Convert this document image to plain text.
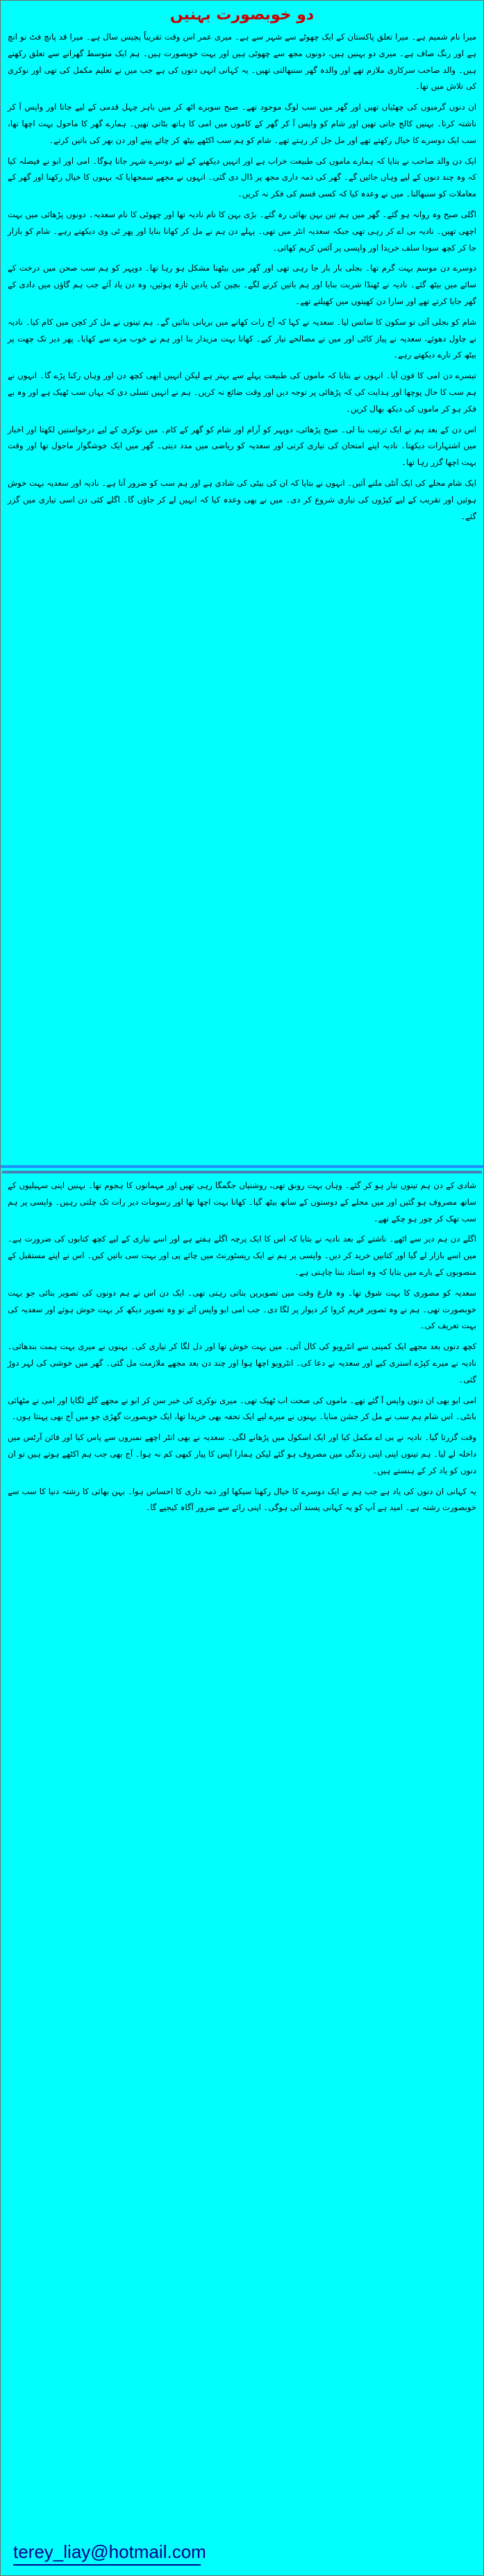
دو خوبصورت بہنیں

میرا نام شمیم ہے۔ میرا تعلق پاکستان کے ایک چھوٹے سے شہر سے ہے۔ میری عمر اس وقت تقریباً پچیس سال ہے۔ میرا قد پانچ فٹ نو انچ ہے اور رنگ صاف ہے۔ میری دو بہنیں ہیں، دونوں مجھ سے چھوٹی ہیں اور بہت خوبصورت ہیں۔ ہم ایک متوسط گھرانے سے تعلق رکھتے ہیں۔ والد صاحب سرکاری ملازم تھے اور والدہ گھر سنبھالتی تھیں۔ یہ کہانی انہی دنوں کی ہے جب میں نے تعلیم مکمل کی تھی اور نوکری کی تلاش میں تھا۔

ان دنوں گرمیوں کی چھٹیاں تھیں اور گھر میں سب لوگ موجود تھے۔ صبح سویرے اٹھ کر میں باہر چہل قدمی کے لیے جاتا اور واپس آ کر ناشتہ کرتا۔ بہنیں کالج جاتی تھیں اور شام کو واپس آ کر گھر کے کاموں میں امی کا ہاتھ بٹاتی تھیں۔ ہمارے گھر کا ماحول بہت اچھا تھا، سب ایک دوسرے کا خیال رکھتے تھے اور مل جل کر رہتے تھے۔ شام کو ہم سب اکٹھے بیٹھ کر چائے پیتے اور دن بھر کی باتیں کرتے۔

ایک دن والد صاحب نے بتایا کہ ہمارے ماموں کی طبیعت خراب ہے اور انہیں دیکھنے کے لیے دوسرے شہر جانا ہوگا۔ امی اور ابو نے فیصلہ کیا کہ وہ چند دنوں کے لیے وہاں جائیں گے۔ گھر کی ذمہ داری مجھ پر ڈال دی گئی۔ انہوں نے مجھے سمجھایا کہ بہنوں کا خیال رکھنا اور گھر کے معاملات کو سنبھالنا۔ میں نے وعدہ کیا کہ کسی قسم کی فکر نہ کریں۔

اگلی صبح وہ روانہ ہو گئے۔ گھر میں ہم تین بہن بھائی رہ گئے۔ بڑی بہن کا نام نادیہ تھا اور چھوٹی کا نام سعدیہ۔ دونوں پڑھائی میں بہت اچھی تھیں۔ نادیہ بی اے کر رہی تھی جبکہ سعدیہ انٹر میں تھی۔ پہلے دن ہم نے مل کر کھانا بنایا اور پھر ٹی وی دیکھتے رہے۔ شام کو بازار جا کر کچھ سودا سلف خریدا اور واپسی پر آئس کریم کھائی۔

دوسرے دن موسم بہت گرم تھا۔ بجلی بار بار جا رہی تھی اور گھر میں بیٹھنا مشکل ہو رہا تھا۔ دوپہر کو ہم سب صحن میں درخت کے سائے میں بیٹھ گئے۔ نادیہ نے ٹھنڈا شربت بنایا اور ہم باتیں کرنے لگے۔ بچپن کی یادیں تازہ ہوئیں، وہ دن یاد آئے جب ہم گاؤں میں دادی کے گھر جایا کرتے تھے اور سارا دن کھیتوں میں کھیلتے تھے۔

شام کو بجلی آئی تو سکون کا سانس لیا۔ سعدیہ نے کہا کہ آج رات کھانے میں بریانی بنائیں گے۔ ہم تینوں نے مل کر کچن میں کام کیا۔ نادیہ نے چاول دھوئے، سعدیہ نے پیاز کاٹی اور میں نے مصالحے تیار کیے۔ کھانا بہت مزیدار بنا اور ہم نے خوب مزے سے کھایا۔ پھر دیر تک چھت پر بیٹھ کر تارے دیکھتے رہے۔

تیسرے دن امی کا فون آیا۔ انہوں نے بتایا کہ ماموں کی طبیعت پہلے سے بہتر ہے لیکن انہیں ابھی کچھ دن اور وہاں رکنا پڑے گا۔ انہوں نے ہم سب کا حال پوچھا اور ہدایت کی کہ پڑھائی پر توجہ دیں اور وقت ضائع نہ کریں۔ ہم نے انہیں تسلی دی کہ یہاں سب ٹھیک ہے اور وہ بے فکر ہو کر ماموں کی دیکھ بھال کریں۔

اس دن کے بعد ہم نے ایک ترتیب بنا لی۔ صبح پڑھائی، دوپہر کو آرام اور شام کو گھر کے کام۔ میں نوکری کے لیے درخواستیں لکھتا اور اخبار میں اشتہارات دیکھتا۔ نادیہ اپنے امتحان کی تیاری کرتی اور سعدیہ کو ریاضی میں مدد دیتی۔ گھر میں ایک خوشگوار ماحول تھا اور وقت بہت اچھا گزر رہا تھا۔

ایک شام محلے کی ایک آنٹی ملنے آئیں۔ انہوں نے بتایا کہ ان کی بیٹی کی شادی ہے اور ہم سب کو ضرور آنا ہے۔ نادیہ اور سعدیہ بہت خوش ہوئیں اور تقریب کے لیے کپڑوں کی تیاری شروع کر دی۔ میں نے بھی وعدہ کیا کہ انہیں لے کر جاؤں گا۔ اگلے کئی دن اسی تیاری میں گزر گئے۔

شادی کے دن ہم تینوں تیار ہو کر گئے۔ وہاں بہت رونق تھی، روشنیاں جگمگا رہی تھیں اور مہمانوں کا ہجوم تھا۔ بہنیں اپنی سہیلیوں کے ساتھ مصروف ہو گئیں اور میں محلے کے دوستوں کے ساتھ بیٹھ گیا۔ کھانا بہت اچھا تھا اور رسومات دیر رات تک چلتی رہیں۔ واپسی پر ہم سب تھک کر چور ہو چکے تھے۔

اگلے دن ہم دیر سے اٹھے۔ ناشتے کے بعد نادیہ نے بتایا کہ اس کا ایک پرچہ اگلے ہفتے ہے اور اسے تیاری کے لیے کچھ کتابوں کی ضرورت ہے۔ میں اسے بازار لے گیا اور کتابیں خرید کر دیں۔ واپسی پر ہم نے ایک ریسٹورنٹ میں چائے پی اور بہت سی باتیں کیں۔ اس نے اپنے مستقبل کے منصوبوں کے بارے میں بتایا کہ وہ استاد بننا چاہتی ہے۔

سعدیہ کو مصوری کا بہت شوق تھا۔ وہ فارغ وقت میں تصویریں بناتی رہتی تھی۔ ایک دن اس نے ہم دونوں کی تصویر بنائی جو بہت خوبصورت تھی۔ ہم نے وہ تصویر فریم کروا کر دیوار پر لگا دی۔ جب امی ابو واپس آئے تو وہ تصویر دیکھ کر بہت خوش ہوئے اور سعدیہ کی بہت تعریف کی۔

کچھ دنوں بعد مجھے ایک کمپنی سے انٹرویو کی کال آئی۔ میں بہت خوش تھا اور دل لگا کر تیاری کی۔ بہنوں نے میری بہت ہمت بندھائی۔ نادیہ نے میرے کپڑے استری کیے اور سعدیہ نے دعا کی۔ انٹرویو اچھا ہوا اور چند دن بعد مجھے ملازمت مل گئی۔ گھر میں خوشی کی لہر دوڑ گئی۔

امی ابو بھی ان دنوں واپس آ گئے تھے۔ ماموں کی صحت اب ٹھیک تھی۔ میری نوکری کی خبر سن کر ابو نے مجھے گلے لگایا اور امی نے مٹھائی بانٹی۔ اس شام ہم سب نے مل کر جشن منایا۔ بہنوں نے میرے لیے ایک تحفہ بھی خریدا تھا، ایک خوبصورت گھڑی جو میں آج بھی پہنتا ہوں۔

وقت گزرتا گیا۔ نادیہ نے بی اے مکمل کیا اور ایک اسکول میں پڑھانے لگی۔ سعدیہ نے بھی انٹر اچھے نمبروں سے پاس کیا اور فائن آرٹس میں داخلہ لے لیا۔ ہم تینوں اپنی اپنی زندگی میں مصروف ہو گئے لیکن ہمارا آپس کا پیار کبھی کم نہ ہوا۔ آج بھی جب ہم اکٹھے ہوتے ہیں تو ان دنوں کو یاد کر کے ہنستے ہیں۔

یہ کہانی ان دنوں کی یاد ہے جب ہم نے ایک دوسرے کا خیال رکھنا سیکھا اور ذمہ داری کا احساس ہوا۔ بہن بھائی کا رشتہ دنیا کا سب سے خوبصورت رشتہ ہے۔ امید ہے آپ کو یہ کہانی پسند آئی ہوگی۔ اپنی رائے سے ضرور آگاہ کیجیے گا۔

terey_liay@hotmail.com
